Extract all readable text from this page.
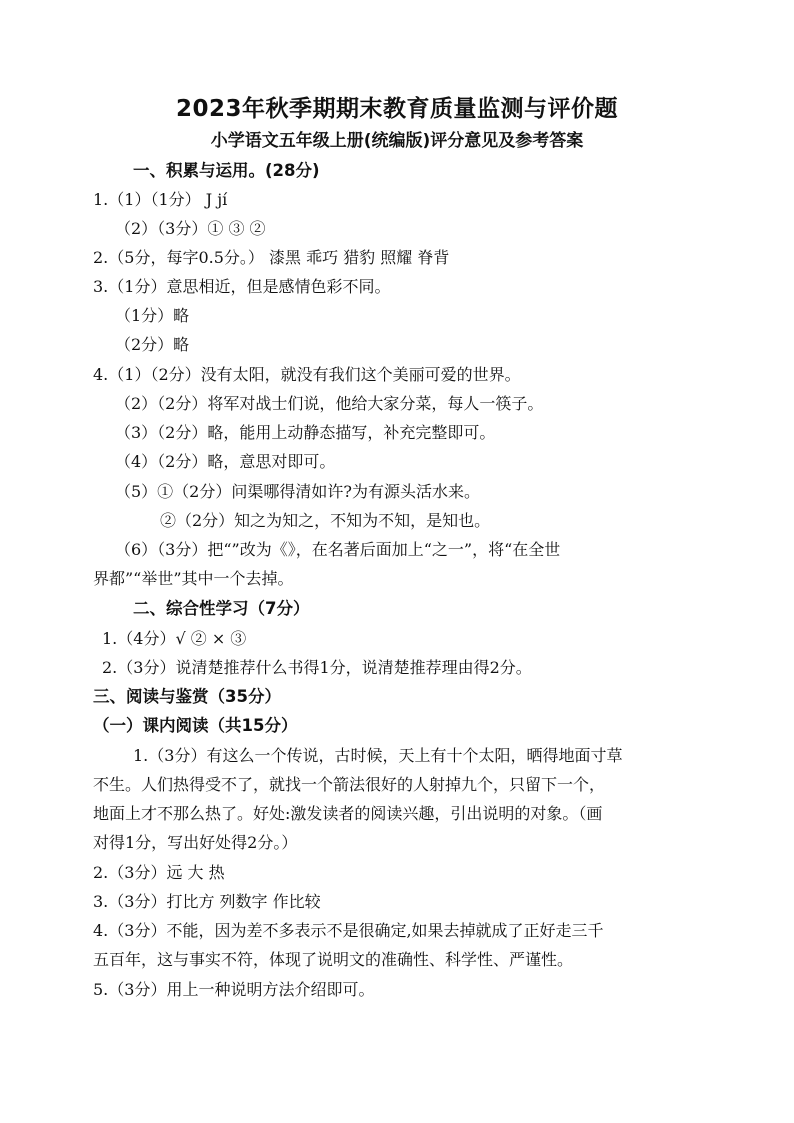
2023年秋季期期末教育质量监测与评价题
小学语文五年级上册(统编版)评分意见及参考答案
一、积累与运用。(28分)
1.（1）（1分） J jí
（2）（3分）① ③ ②
2.（5分，每字0.5分。） 漆黑 乖巧 猎豹 照耀 脊背
3.（1分）意思相近，但是感情色彩不同。
（1分）略
（2分）略
4.（1）（2分）没有太阳，就没有我们这个美丽可爱的世界。
（2）（2分）将军对战士们说，他给大家分菜，每人一筷子。
（3）（2分）略，能用上动静态描写，补充完整即可。
（4）（2分）略，意思对即可。
（5）①（2分）问渠哪得清如许?为有源头活水来。
②（2分）知之为知之，不知为不知，是知也。
（6）（3分）把“”改为《》，在名著后面加上“之一”，将“在全世
界都”“举世”其中一个去掉。
二、综合性学习（7分）
1.（4分）√ ② × ③
2.（3分）说清楚推荐什么书得1分，说清楚推荐理由得2分。
三、阅读与鉴赏（35分）
（一）课内阅读（共15分）
1.（3分）有这么一个传说，古时候，天上有十个太阳，晒得地面寸草
不生。人们热得受不了，就找一个箭法很好的人射掉九个，只留下一个，
地面上才不那么热了。好处:激发读者的阅读兴趣，引出说明的对象。（画
对得1分，写出好处得2分。）
2.（3分）远 大 热
3.（3分）打比方 列数字 作比较
4.（3分）不能，因为差不多表示不是很确定,如果去掉就成了正好走三千
五百年，这与事实不符，体现了说明文的准确性、科学性、严谨性。
5.（3分）用上一种说明方法介绍即可。
